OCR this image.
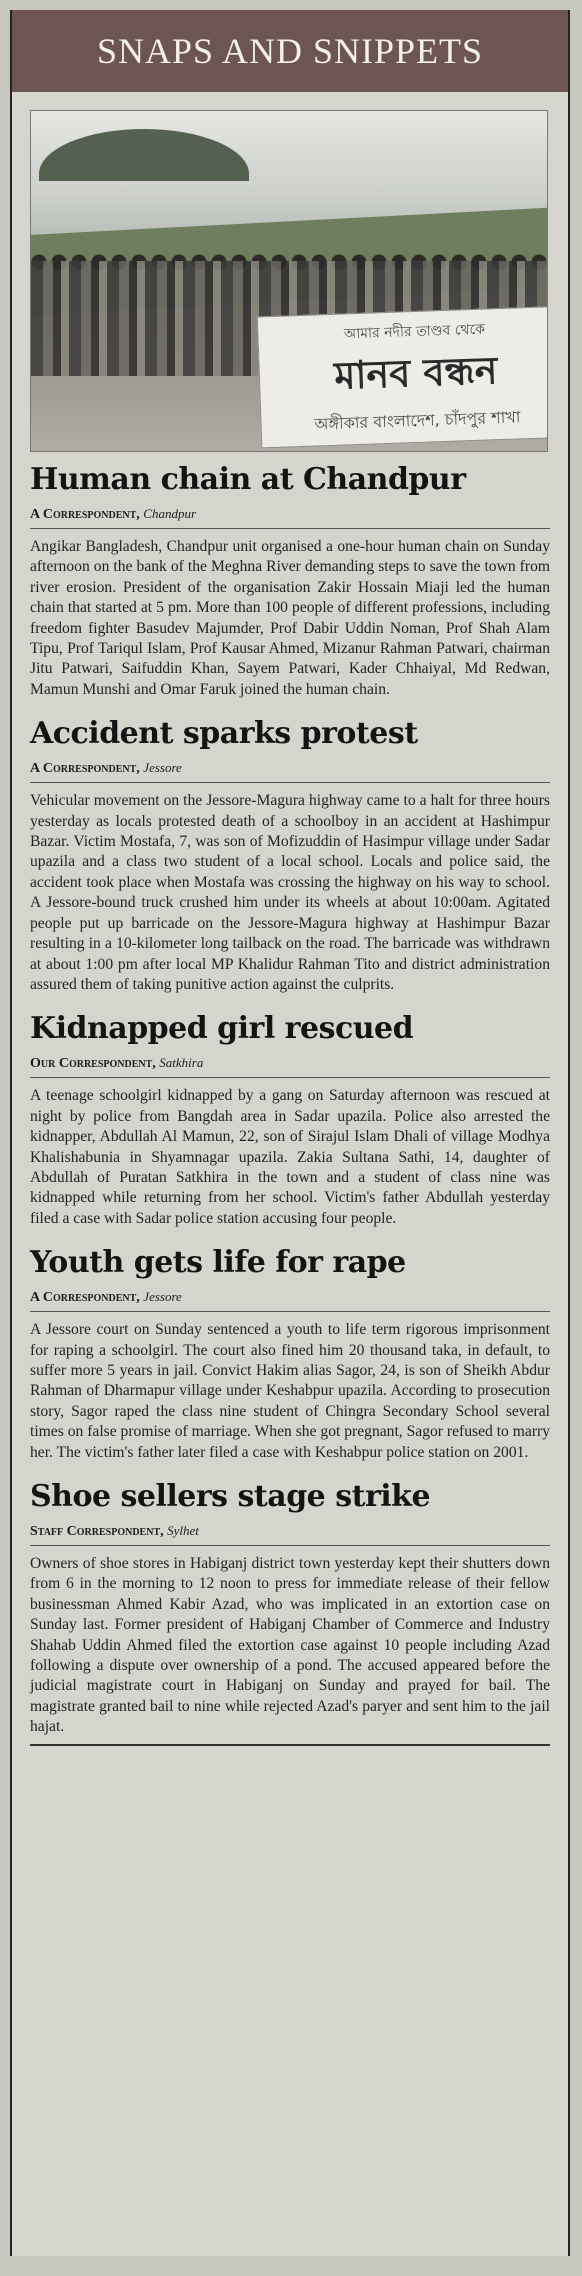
SNAPS AND SNIPPETS
আমার নদীর তাণ্ডব থেকে
মানব বন্ধন
অঙ্গীকার বাংলাদেশ, চাঁদপুর শাখা
Human chain at Chandpur
A Correspondent, Chandpur

Angikar Bangladesh, Chandpur unit organised a one-hour human chain on Sunday afternoon on the bank of the Meghna River demanding steps to save the town from river erosion. President of the organisation Zakir Hossain Miaji led the human chain that started at 5 pm. More than 100 people of different professions, including freedom fighter Basudev Majumder, Prof Dabir Uddin Noman, Prof Shah Alam Tipu, Prof Tariqul Islam, Prof Kausar Ahmed, Mizanur Rahman Patwari, chairman Jitu Patwari, Saifuddin Khan, Sayem Patwari, Kader Chhaiyal, Md Redwan, Mamun Munshi and Omar Faruk joined the human chain.

Accident sparks protest
A Correspondent, Jessore

Vehicular movement on the Jessore-Magura highway came to a halt for three hours yesterday as locals protested death of a schoolboy in an accident at Hashimpur Bazar. Victim Mostafa, 7, was son of Mofizuddin of Hasimpur village under Sadar upazila and a class two student of a local school. Locals and police said, the accident took place when Mostafa was crossing the highway on his way to school. A Jessore-bound truck crushed him under its wheels at about 10:00am. Agitated people put up barricade on the Jessore-Magura highway at Hashimpur Bazar resulting in a 10-kilometer long tailback on the road. The barricade was withdrawn at about 1:00 pm after local MP Khalidur Rahman Tito and district administration assured them of taking punitive action against the culprits.

Kidnapped girl rescued
Our Correspondent, Satkhira

A teenage schoolgirl kidnapped by a gang on Saturday afternoon was rescued at night by police from Bangdah area in Sadar upazila. Police also arrested the kidnapper, Abdullah Al Mamun, 22, son of Sirajul Islam Dhali of village Modhya Khalishabunia in Shyamnagar upazila. Zakia Sultana Sathi, 14, daughter of Abdullah of Puratan Satkhira in the town and a student of class nine was kidnapped while returning from her school. Victim's father Abdullah yesterday filed a case with Sadar police station accusing four people.

Youth gets life for rape
A Correspondent, Jessore

A Jessore court on Sunday sentenced a youth to life term rigorous imprisonment for raping a schoolgirl. The court also fined him 20 thousand taka, in default, to suffer more 5 years in jail. Convict Hakim alias Sagor, 24, is son of Sheikh Abdur Rahman of Dharmapur village under Keshabpur upazila. According to prosecution story, Sagor raped the class nine student of Chingra Secondary School several times on false promise of marriage. When she got pregnant, Sagor refused to marry her. The victim's father later filed a case with Keshabpur police station on 2001.

Shoe sellers stage strike
Staff Correspondent, Sylhet

Owners of shoe stores in Habiganj district town yesterday kept their shutters down from 6 in the morning to 12 noon to press for immediate release of their fellow businessman Ahmed Kabir Azad, who was implicated in an extortion case on Sunday last. Former president of Habiganj Chamber of Commerce and Industry Shahab Uddin Ahmed filed the extortion case against 10 people including Azad following a dispute over ownership of a pond. The accused appeared before the judicial magistrate court in Habiganj on Sunday and prayed for bail. The magistrate granted bail to nine while rejected Azad's paryer and sent him to the jail hajat.
